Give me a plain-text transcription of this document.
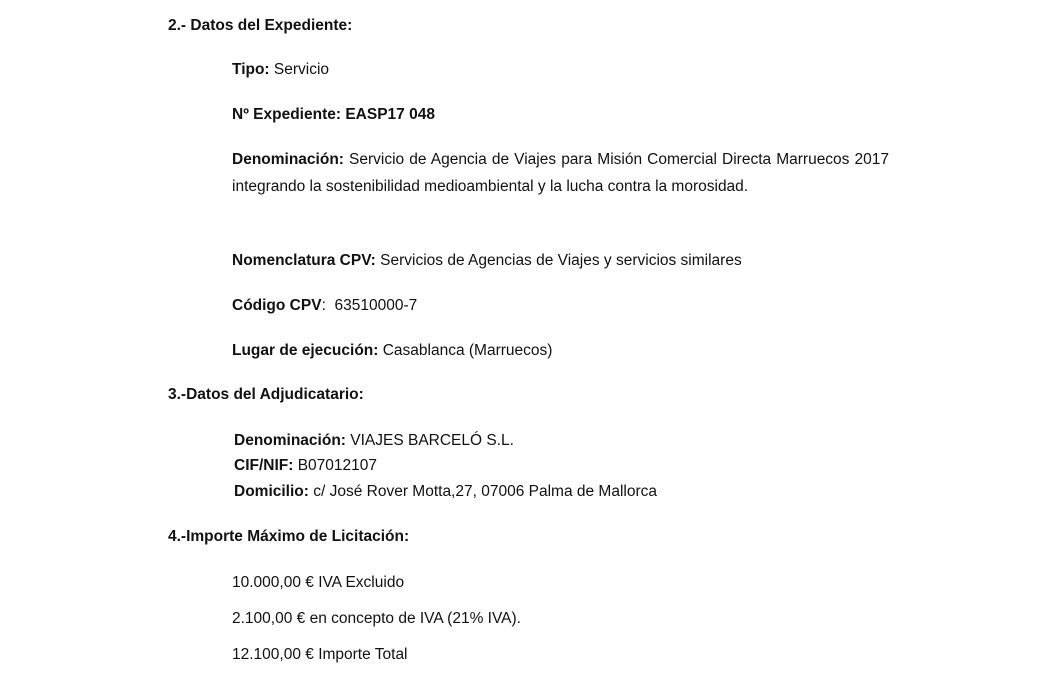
2.- Datos del Expediente:
Tipo: Servicio
Nº Expediente: EASP17 048
Denominación: Servicio de Agencia de Viajes para Misión Comercial Directa Marruecos 2017 integrando la sostenibilidad medioambiental y la lucha contra la morosidad.
Nomenclatura CPV: Servicios de Agencias de Viajes y servicios similares
Código CPV:  63510000-7
Lugar de ejecución: Casablanca (Marruecos)
3.-Datos del Adjudicatario:
Denominación: VIAJES BARCELÓ S.L.
CIF/NIF: B07012107
Domicilio: c/ José Rover Motta,27, 07006 Palma de Mallorca
4.-Importe Máximo de Licitación:
10.000,00 € IVA Excluido
2.100,00 € en concepto de IVA (21% IVA).
12.100,00 € Importe Total
